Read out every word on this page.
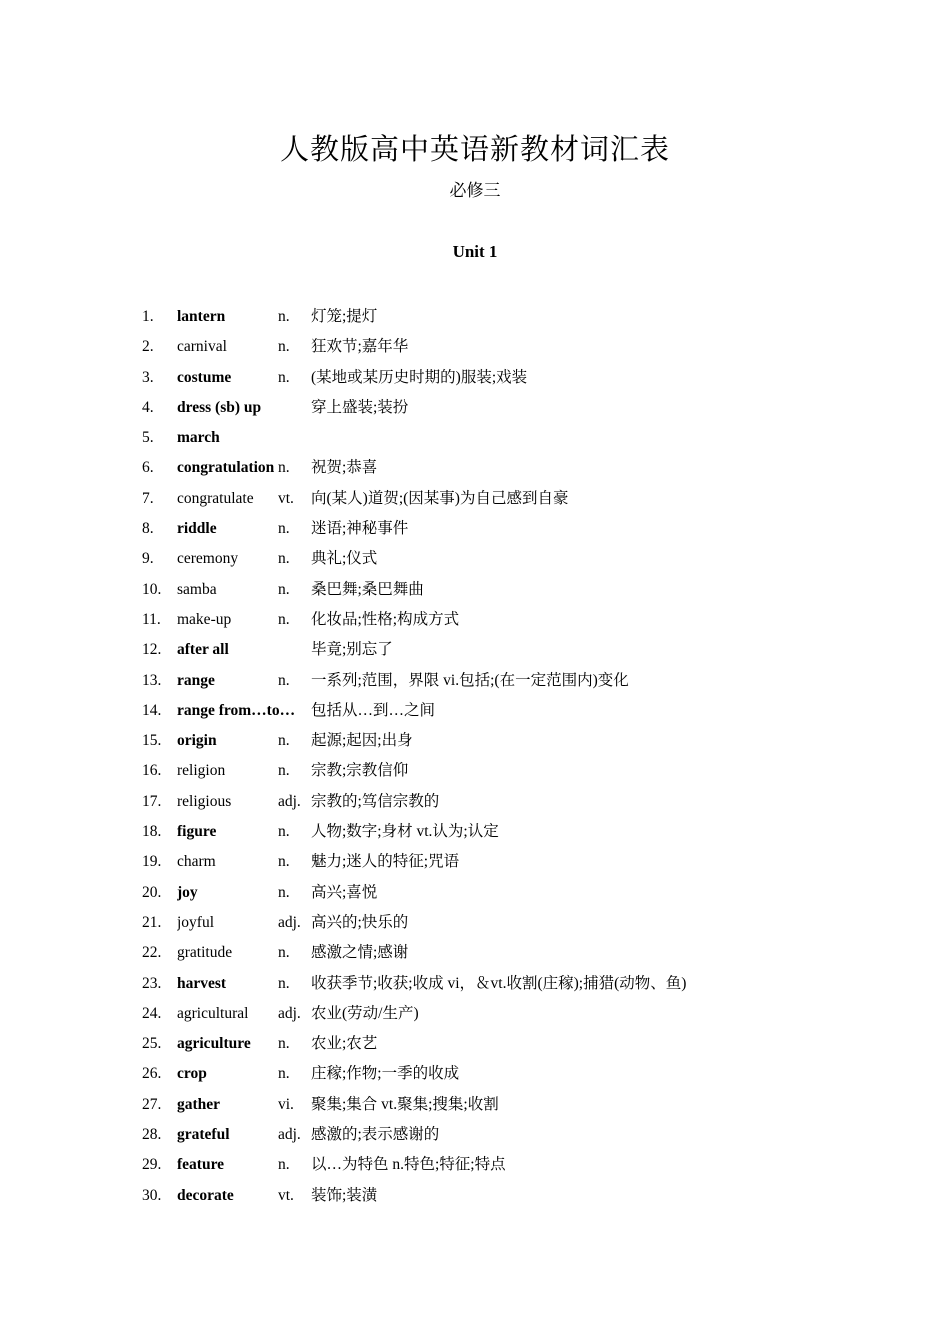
人教版高中英语新教材词汇表
必修三
Unit 1
1. lantern	n. 灯笼;提灯
2. carnival	n. 狂欢节;嘉年华
3. costume	n. (某地或某历史时期的)服装;戏装
4. dress (sb) up	穿上盛装;装扮
5. march
6. congratulation n. 祝贺;恭喜
7. congratulate vt. 向(某人)道贺;(因某事)为自己感到自豪
8. riddle	n. 迷语;神秘事件
9. ceremony	n. 典礼;仪式
10. samba	n. 桑巴舞;桑巴舞曲
11. make-up	n. 化妆品;性格;构成方式
12. after all	毕竟;别忘了
13. range	n. 一系列;范围，界限 vi.包括;(在一定范围内)变化
14. range from…to… 包括从…到…之间
15. origin	n. 起源;起因;出身
16. religion	n. 宗教;宗教信仰
17. religious	adj. 宗教的;笃信宗教的
18. figure	n. 人物;数字;身材 vt.认为;认定
19. charm	n. 魅力;迷人的特征;咒语
20. joy	n. 高兴;喜悦
21. joyful	adj. 高兴的;快乐的
22. gratitude	n. 感激之情;感谢
23. harvest	n. 收获季节;收获;收成 vi，＆vt.收割(庄稼);捕猎(动物、鱼)
24. agricultural adj. 农业(劳动/生产)
25. agriculture n. 农业;农艺
26. crop	n. 庄稼;作物;一季的收成
27. gather	vi. 聚集;集合 vt.聚集;搜集;收割
28. grateful	adj. 感激的;表示感谢的
29. feature	n. 以…为特色 n.特色;特征;特点
30. decorate	vt. 装饰;装潢
